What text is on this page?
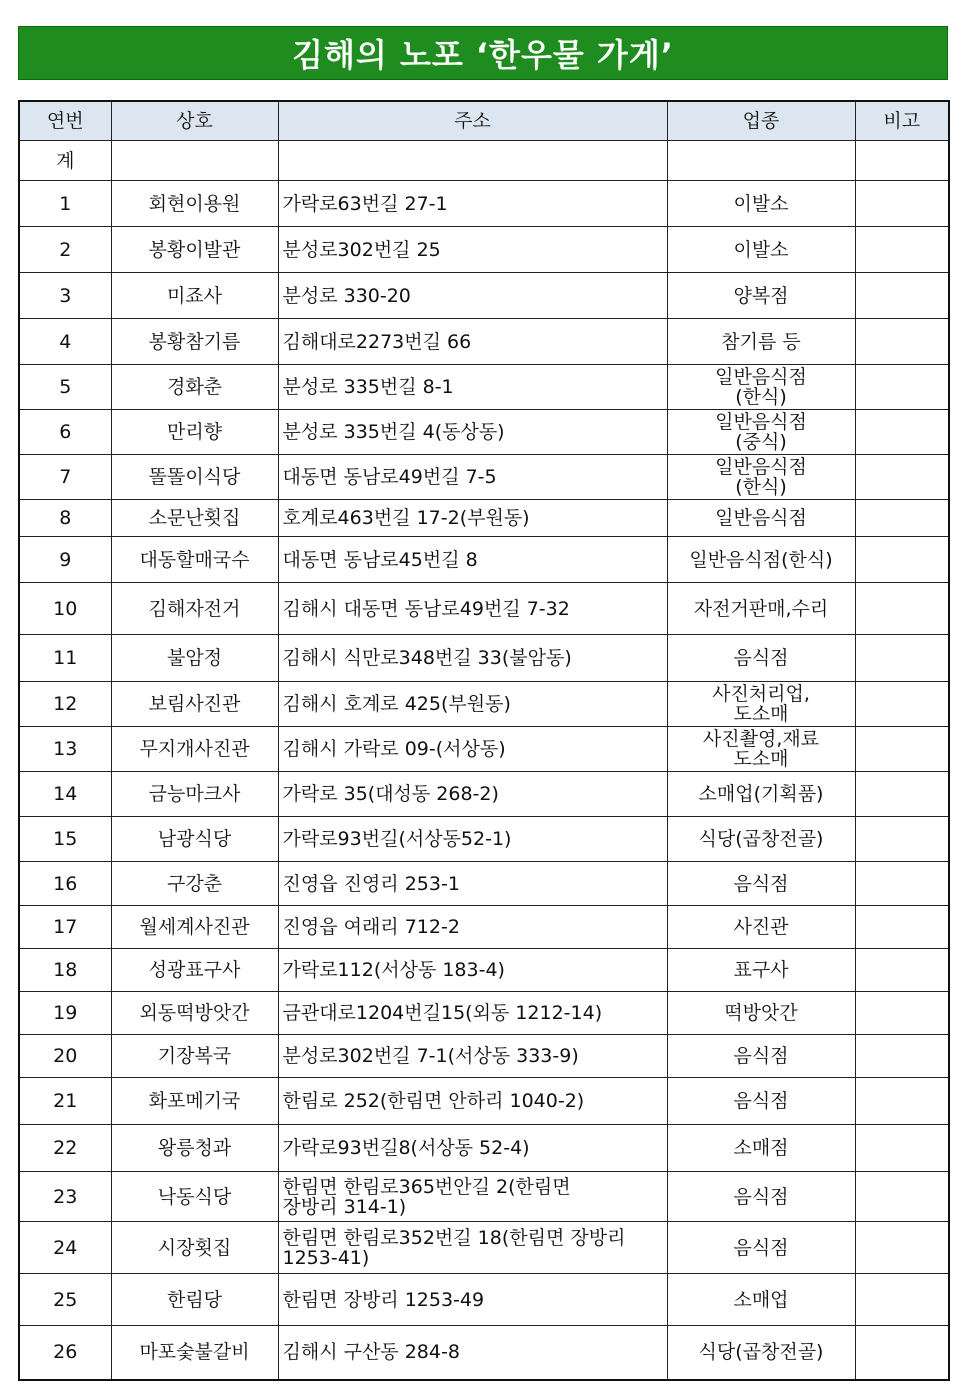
김해의 노포 ‘한우물 가게’
연번	상호	주소	업종	비고
계				
1	회현이용원	가락로63번길 27-1	이발소	

2	봉황이발관	분성로302번길 25	이발소	

3	미죠사	분성로 330-20	양복점	

4	봉황참기름	김해대로2273번길 66	참기름 등	

5	경화춘	분성로 335번길 8-1	일반음식점
(한식)	

6	만리향	분성로 335번길 4(동상동)	일반음식점
(중식)	

7	똘똘이식당	대동면 동남로49번길 7-5	일반음식점
(한식)	

8	소문난횟집	호계로463번길 17-2(부원동)	일반음식점	

9	대동할매국수	대동면 동남로45번길 8	일반음식점(한식)	

10	김해자전거	김해시 대동면 동남로49번길 7-32	자전거판매,수리	

11	불암정	김해시 식만로348번길 33(불암동)	음식점	

12	보림사진관	김해시 호계로 425(부원동)	사진처리업,
도소매	

13	무지개사진관	김해시 가락로 09-(서상동)	사진촬영,재료
도소매	

14	금능마크사	가락로 35(대성동 268-2)	소매업(기획품)	

15	남광식당	가락로93번길(서상동52-1)	식당(곱창전골)	

16	구강춘	진영읍 진영리 253-1	음식점	

17	월세계사진관	진영읍 여래리 712-2	사진관	

18	성광표구사	가락로112(서상동 183-4)	표구사	

19	외동떡방앗간	금관대로1204번길15(외동 1212-14)	떡방앗간	

20	기장복국	분성로302번길 7-1(서상동 333-9)	음식점	

21	화포메기국	한림로 252(한림면 안하리 1040-2)	음식점	

22	왕릉청과	가락로93번길8(서상동 52-4)	소매점	

23	낙동식당	한림면 한림로365번안길 2(한림면
장방리 314-1)	음식점	

24	시장횟집	한림면 한림로352번길 18(한림면 장방리
1253-41)	음식점	

25	한림당	한림면 장방리 1253-49	소매업	

26	마포숯불갈비	김해시 구산동 284-8	식당(곱창전골)	
